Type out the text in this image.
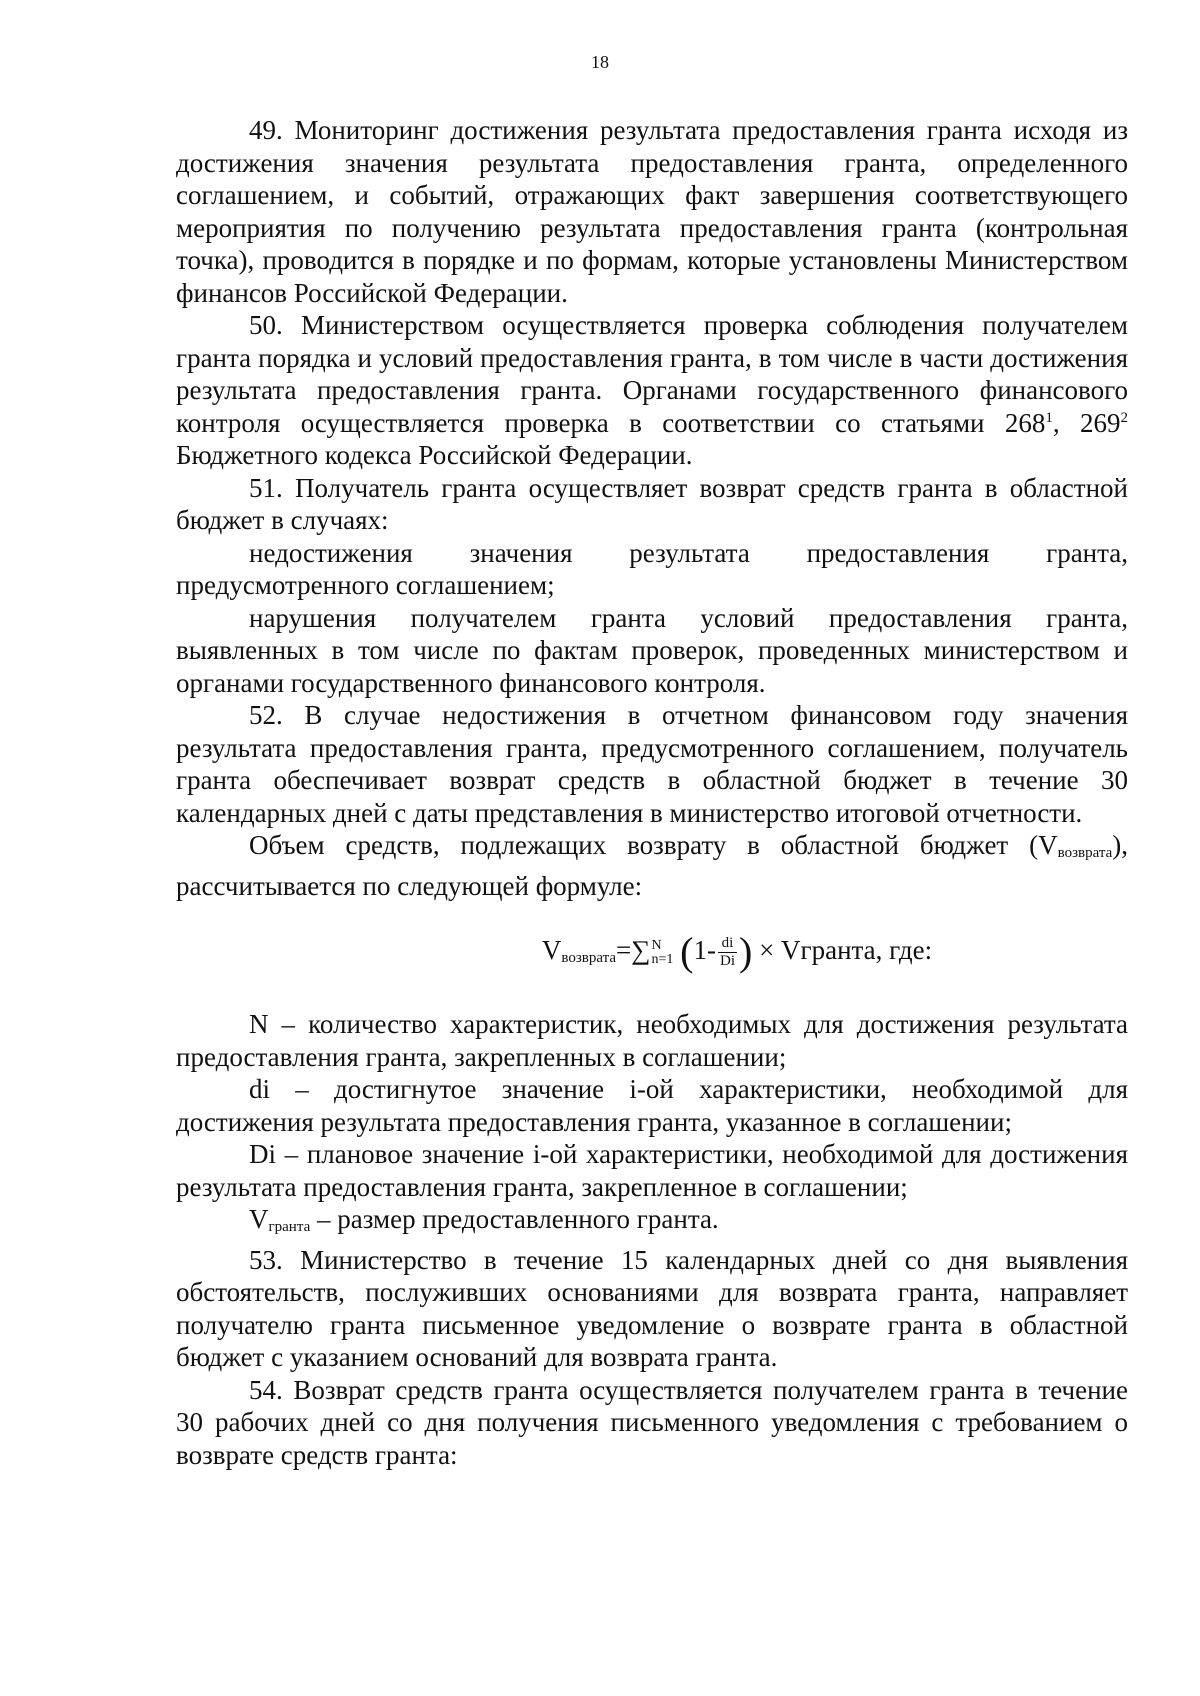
18

49. Мониторинг достижения результата предоставления гранта исходя из достижения значения результата предоставления гранта, определенного соглашением, и событий, отражающих факт завершения соответствующего мероприятия по получению результата предоставления гранта (контрольная точка), проводится в порядке и по формам, которые установлены Министерством финансов Российской Федерации.

50. Министерством осуществляется проверка соблюдения получателем гранта порядка и условий предоставления гранта, в том числе в части достижения результата предоставления гранта. Органами государственного финансового контроля осуществляется проверка в соответствии со статьями $268^1$, $269^2$ Бюджетного кодекса Российской Федерации.

51. Получатель гранта осуществляет возврат средств гранта в областной бюджет в случаях:

недостижения значения результата предоставления гранта, предусмотренного соглашением;

нарушения получателем гранта условий предоставления гранта, выявленных в том числе по фактам проверок, проведенных министерством и органами государственного финансового контроля.

52. В случае недостижения в отчетном финансовом году значения результата предоставления гранта, предусмотренного соглашением, получатель гранта обеспечивает возврат средств в областной бюджет в течение 30 календарных дней с даты представления в министерство итоговой отчетности.

Объем средств, подлежащих возврату в областной бюджет (Vвозврата), рассчитывается по следующей формуле:

$V_{возврата}=\sum N$
n=1 ($1- \frac{di}{Di}$ ) × Vгранта, где:

N – количество характеристик, необходимых для достижения результата предоставления гранта, закрепленных в соглашении;

di – достигнутое значение i-ой характеристики, необходимой для достижения результата предоставления гранта, указанное в соглашении;

Di – плановое значение i-ой характеристики, необходимой для достижения результата предоставления гранта, закрепленное в соглашении;

Vгранта – размер предоставленного гранта.

53. Министерство в течение 15 календарных дней со дня выявления обстоятельств, послуживших основаниями для возврата гранта, направляет получателю гранта письменное уведомление о возврате гранта в областной бюджет с указанием оснований для возврата гранта.

54. Возврат средств гранта осуществляется получателем гранта в течение 30 рабочих дней со дня получения письменного уведомления с требованием о возврате средств гранта:
